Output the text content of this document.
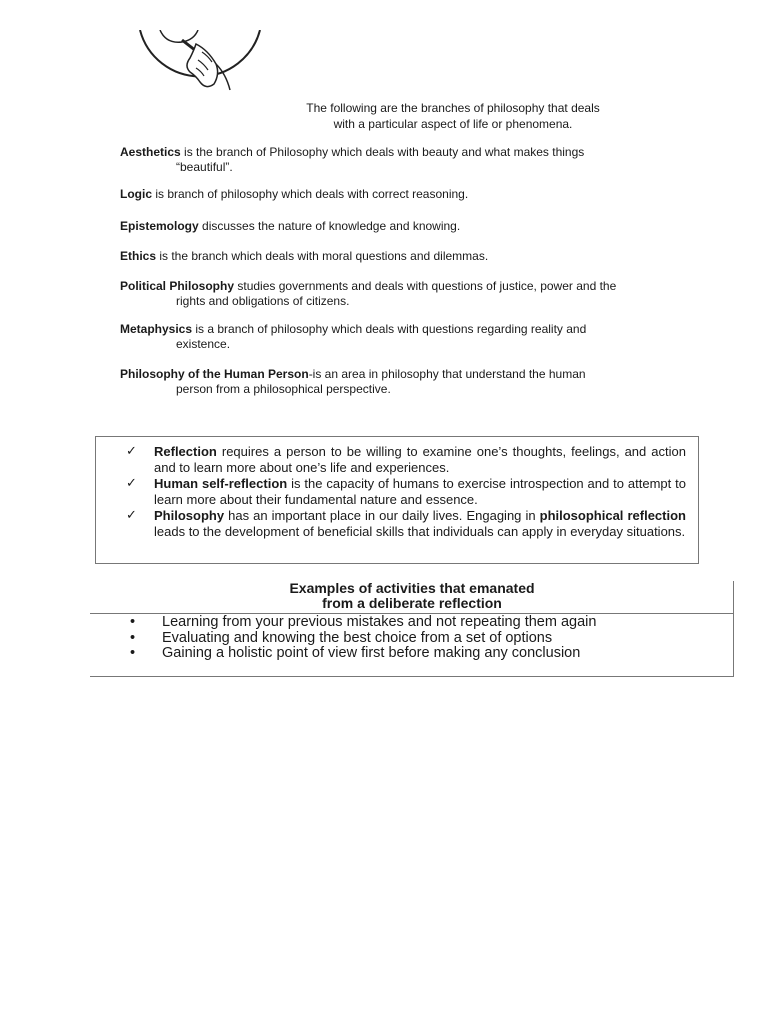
The following are the branches of philosophy that deals
with a particular aspect of life or phenomena.

Aesthetics is the branch of Philosophy which deals with beauty and what makes things
“beautiful”.

Logic is branch of philosophy which deals with correct reasoning.

Epistemology discusses the nature of knowledge and knowing.

Ethics is the branch which deals with moral questions and dilemmas.

Political Philosophy studies governments and deals with questions of justice, power and the
rights and obligations of citizens.

Metaphysics is a branch of philosophy which deals with questions regarding reality and
existence.

Philosophy of the Human Person-is an area in philosophy that understand the human
person from a philosophical perspective.

✓	Reflection requires a person to be willing to examine one’s thoughts, feelings, and action and to learn more about one’s life and experiences.
✓	Human self-reflection is the capacity of humans to exercise introspection and to attempt to learn more about their fundamental nature and essence.
✓	Philosophy has an important place in our daily lives. Engaging in philosophical reflection leads to the development of beneficial skills that individuals can apply in everyday situations.
Examples of activities that emanated
from a deliberate reflection
• Learning from your previous mistakes and not repeating them again
• Evaluating and knowing the best choice from a set of options
• Gaining a holistic point of view first before making any conclusion
